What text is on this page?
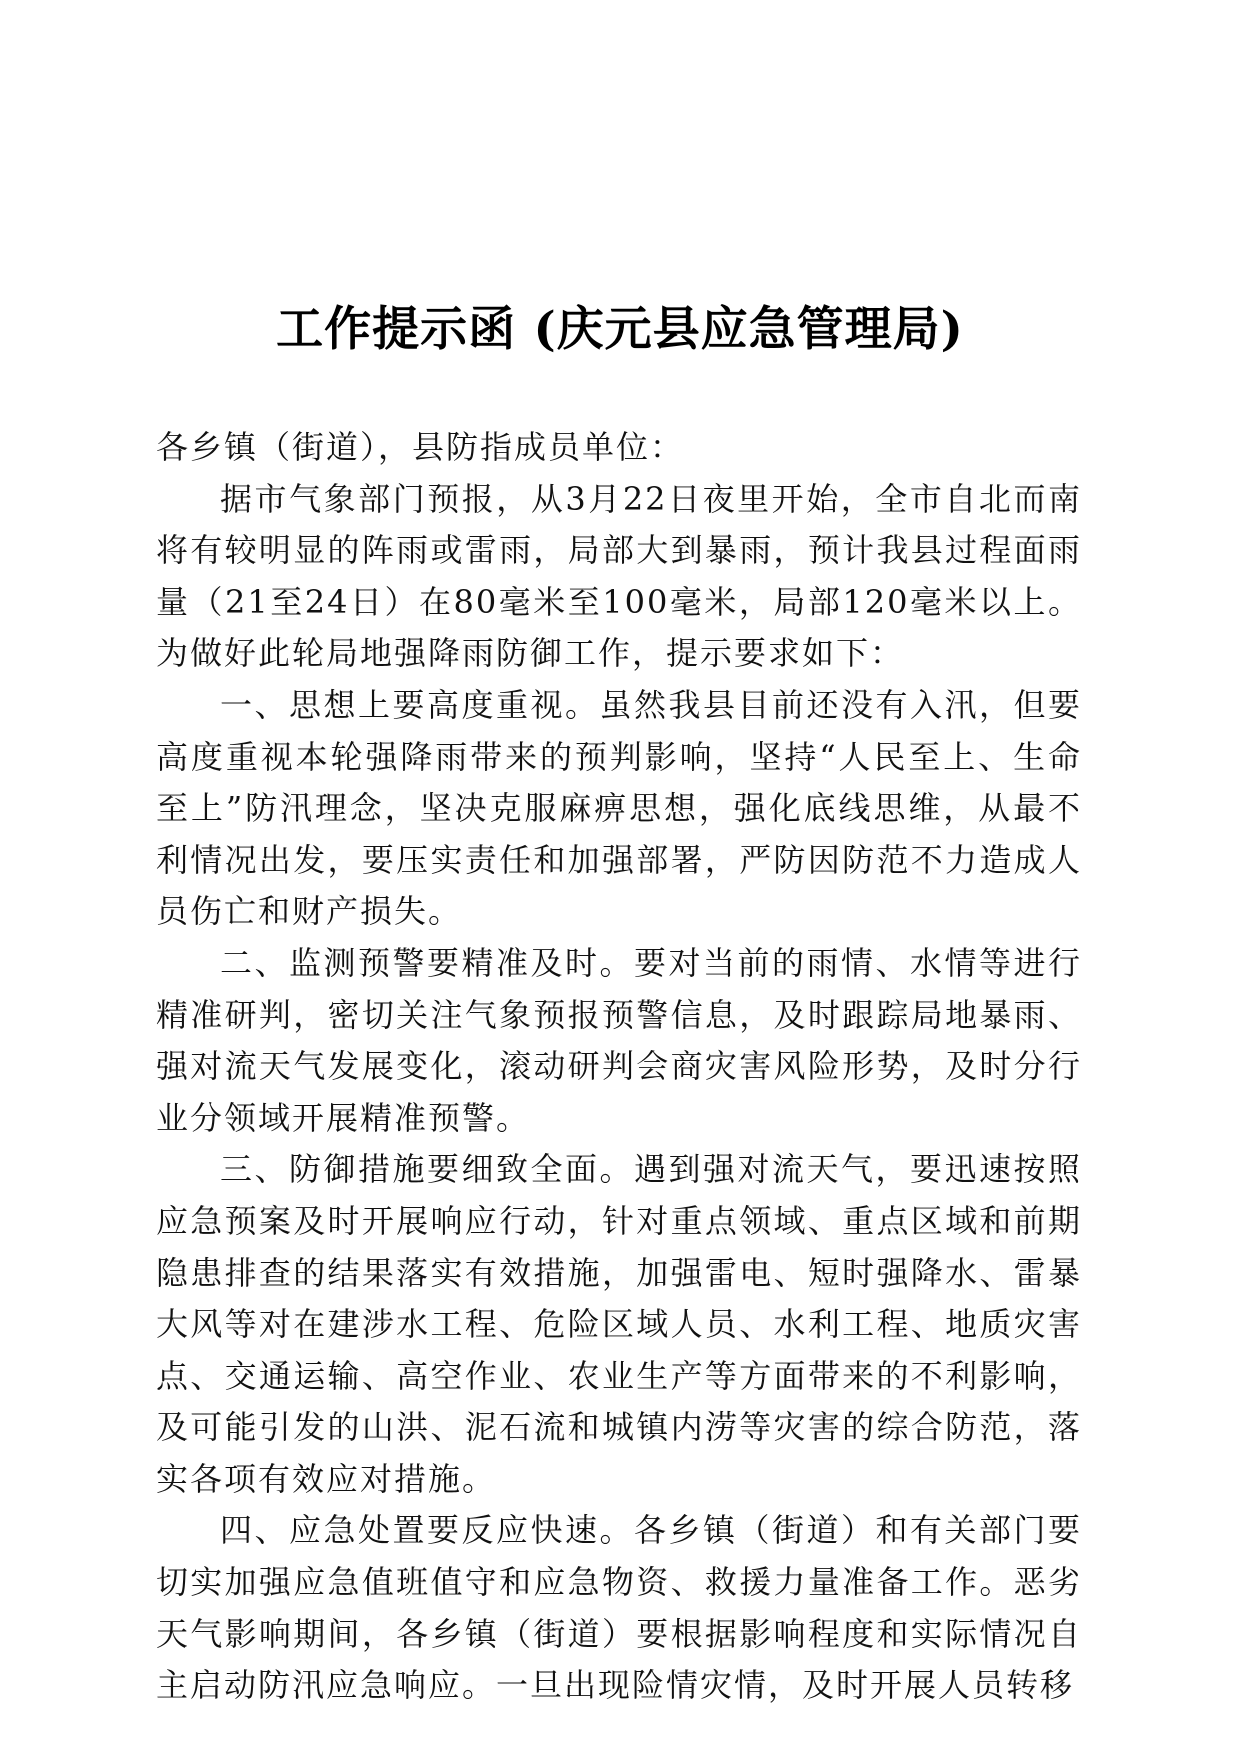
工作提示函 (庆元县应急管理局)

各乡镇（街道），县防指成员单位：

据市气象部门预报，从3月22日夜里开始，全市自北而南将有较明显的阵雨或雷雨，局部大到暴雨，预计我县过程面雨量（21至24日）在80毫米至100毫米，局部120毫米以上。为做好此轮局地强降雨防御工作，提示要求如下：

一、思想上要高度重视。虽然我县目前还没有入汛，但要高度重视本轮强降雨带来的预判影响，坚持“人民至上、生命至上”防汛理念，坚决克服麻痹思想，强化底线思维，从最不利情况出发，要压实责任和加强部署，严防因防范不力造成人员伤亡和财产损失。

二、监测预警要精准及时。要对当前的雨情、水情等进行精准研判，密切关注气象预报预警信息，及时跟踪局地暴雨、强对流天气发展变化，滚动研判会商灾害风险形势，及时分行业分领域开展精准预警。

三、防御措施要细致全面。遇到强对流天气，要迅速按照应急预案及时开展响应行动，针对重点领域、重点区域和前期隐患排查的结果落实有效措施，加强雷电、短时强降水、雷暴大风等对在建涉水工程、危险区域人员、水利工程、地质灾害点、交通运输、高空作业、农业生产等方面带来的不利影响，及可能引发的山洪、泥石流和城镇内涝等灾害的综合防范，落实各项有效应对措施。

四、应急处置要反应快速。各乡镇（街道）和有关部门要切实加强应急值班值守和应急物资、救援力量准备工作。恶劣天气影响期间，各乡镇（街道）要根据影响程度和实际情况自主启动防汛应急响应。一旦出现险情灾情，及时开展人员转移
